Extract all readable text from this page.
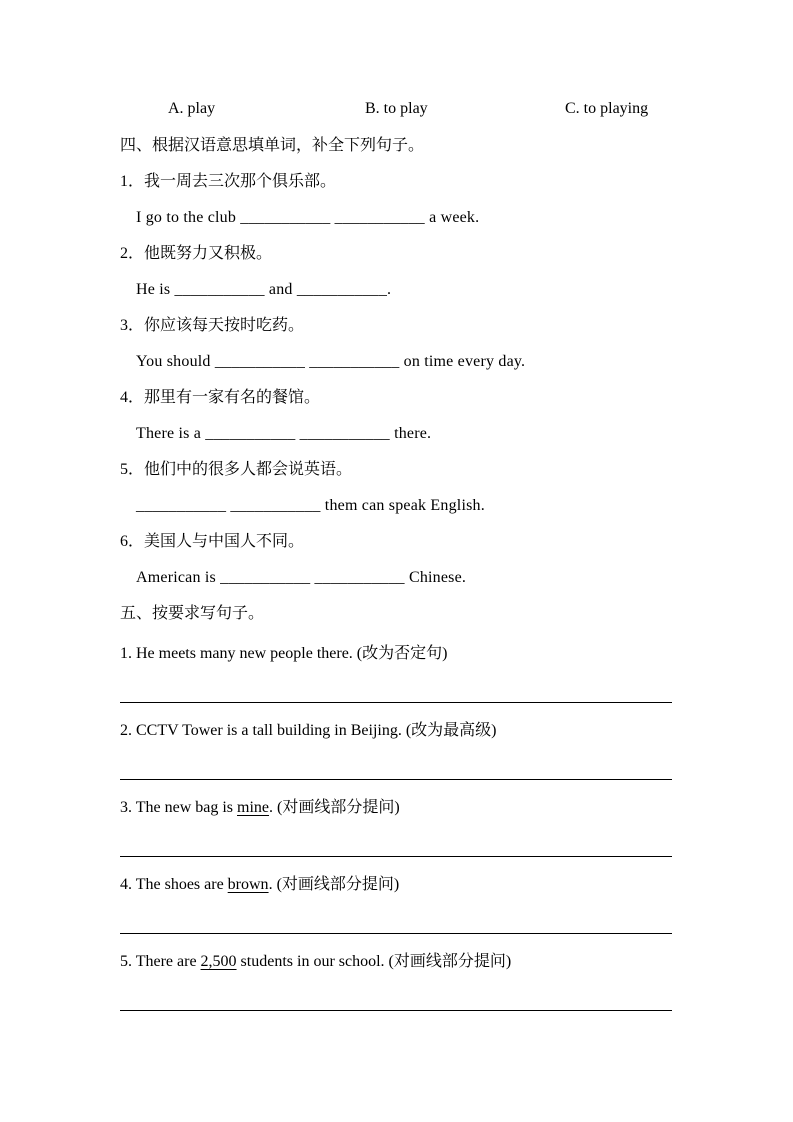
A. play	B. to play	C. to playing

四、根据汉语意思填单词，补全下列句子。

1．我一周去三次那个俱乐部。

I go to the club ___________ ___________ a week.

2．他既努力又积极。

He is ___________ and ___________.

3．你应该每天按时吃药。

You should ___________ ___________ on time every day.

4．那里有一家有名的餐馆。

There is a ___________ ___________ there.

5．他们中的很多人都会说英语。

___________ ___________ them can speak English.

6．美国人与中国人不同。

American is ___________ ___________ Chinese.

五、按要求写句子。

1. He meets many new people there. (改为否定句)

2. CCTV Tower is a tall building in Beijing. (改为最高级)

3. The new bag is mine. (对画线部分提问)

4. The shoes are brown. (对画线部分提问)

5. There are 2,500 students in our school. (对画线部分提问)
